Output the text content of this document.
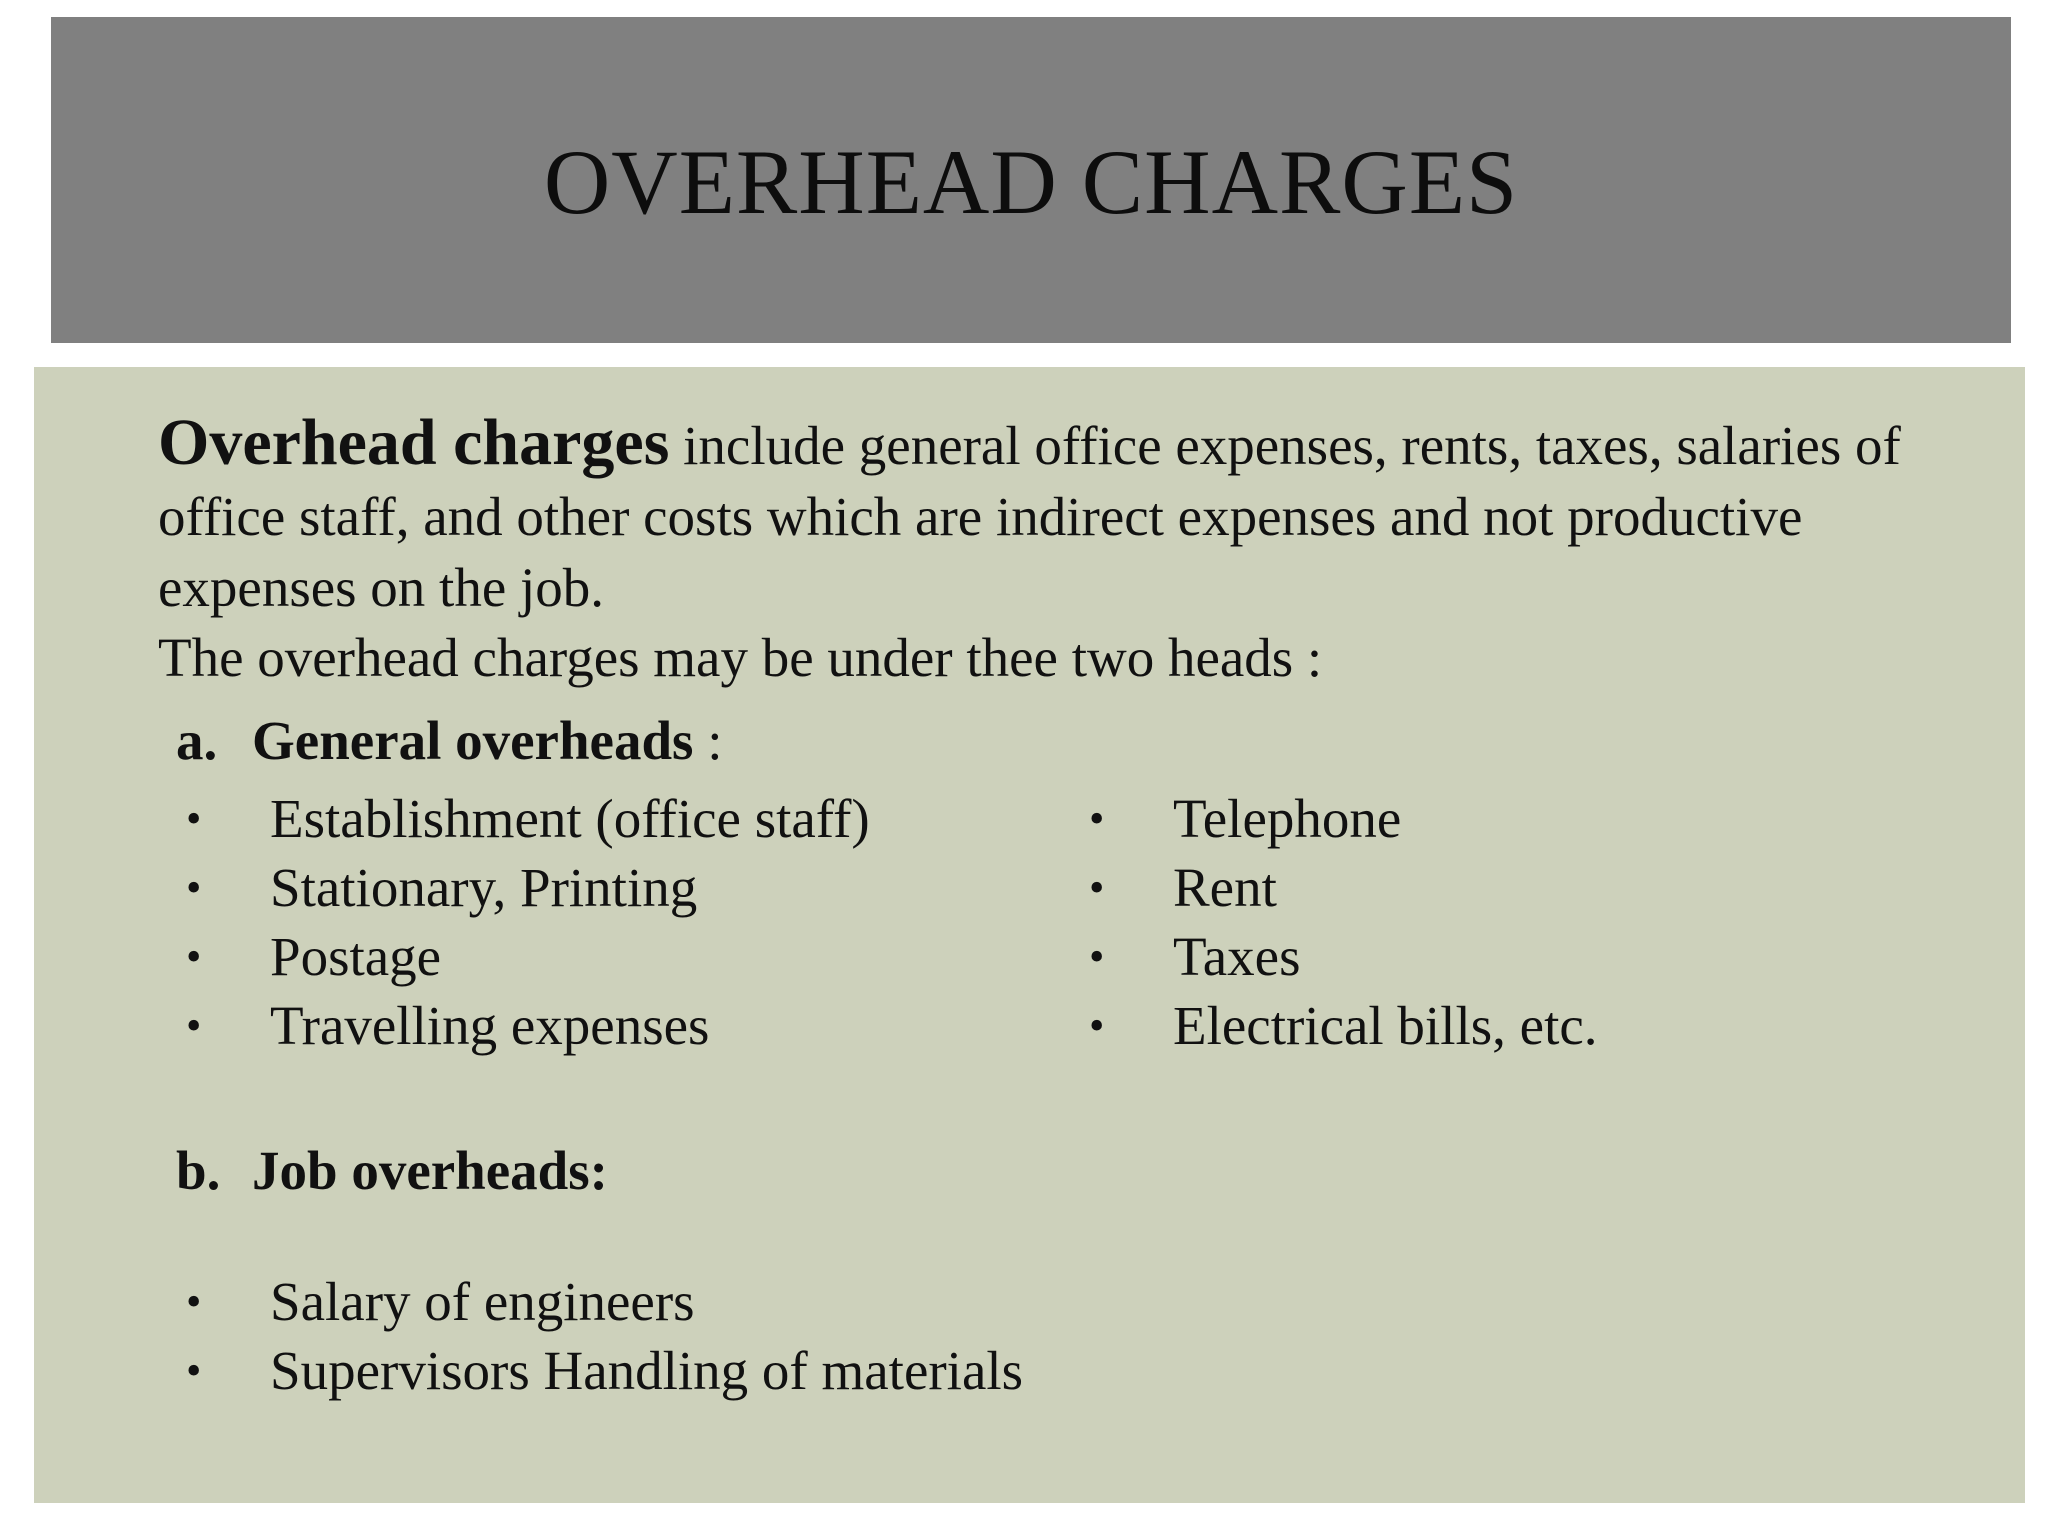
OVERHEAD CHARGES

Overhead charges include general office expenses, rents, taxes, salaries of office staff, and other costs which are indirect expenses and not productive expenses on the job.

The overhead charges may be under thee two heads :

a. General overheads :

• Establishment (office staff)
• Stationary, Printing
• Postage
• Travelling expenses
• Telephone
• Rent
• Taxes
• Electrical bills, etc.

b. Job overheads:

• Salary of engineers
• Supervisors Handling of materials
